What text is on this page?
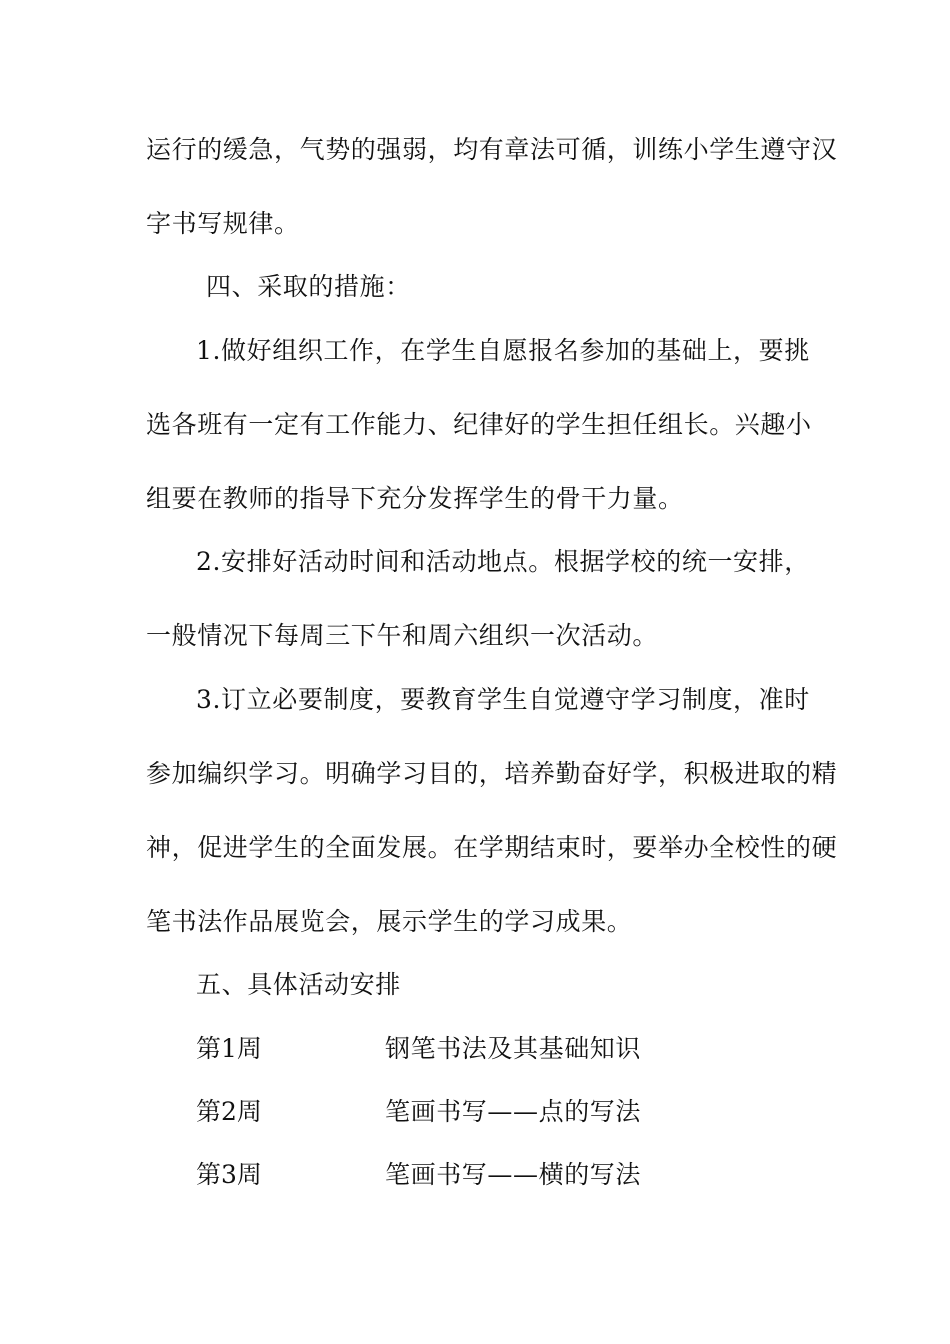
运行的缓急，气势的强弱，均有章法可循，训练小学生遵守汉
字书写规律。
四、采取的措施：
1.做好组织工作，在学生自愿报名参加的基础上，要挑
选各班有一定有工作能力、纪律好的学生担任组长。兴趣小
组要在教师的指导下充分发挥学生的骨干力量。
2.安排好活动时间和活动地点。根据学校的统一安排，
一般情况下每周三下午和周六组织一次活动。
3.订立必要制度，要教育学生自觉遵守学习制度，准时
参加编织学习。明确学习目的，培养勤奋好学，积极进取的精
神，促进学生的全面发展。在学期结束时，要举办全校性的硬
笔书法作品展览会，展示学生的学习成果。
五、具体活动安排
第1周	钢笔书法及其基础知识
第2周	笔画书写——点的写法
第3周	笔画书写——横的写法
